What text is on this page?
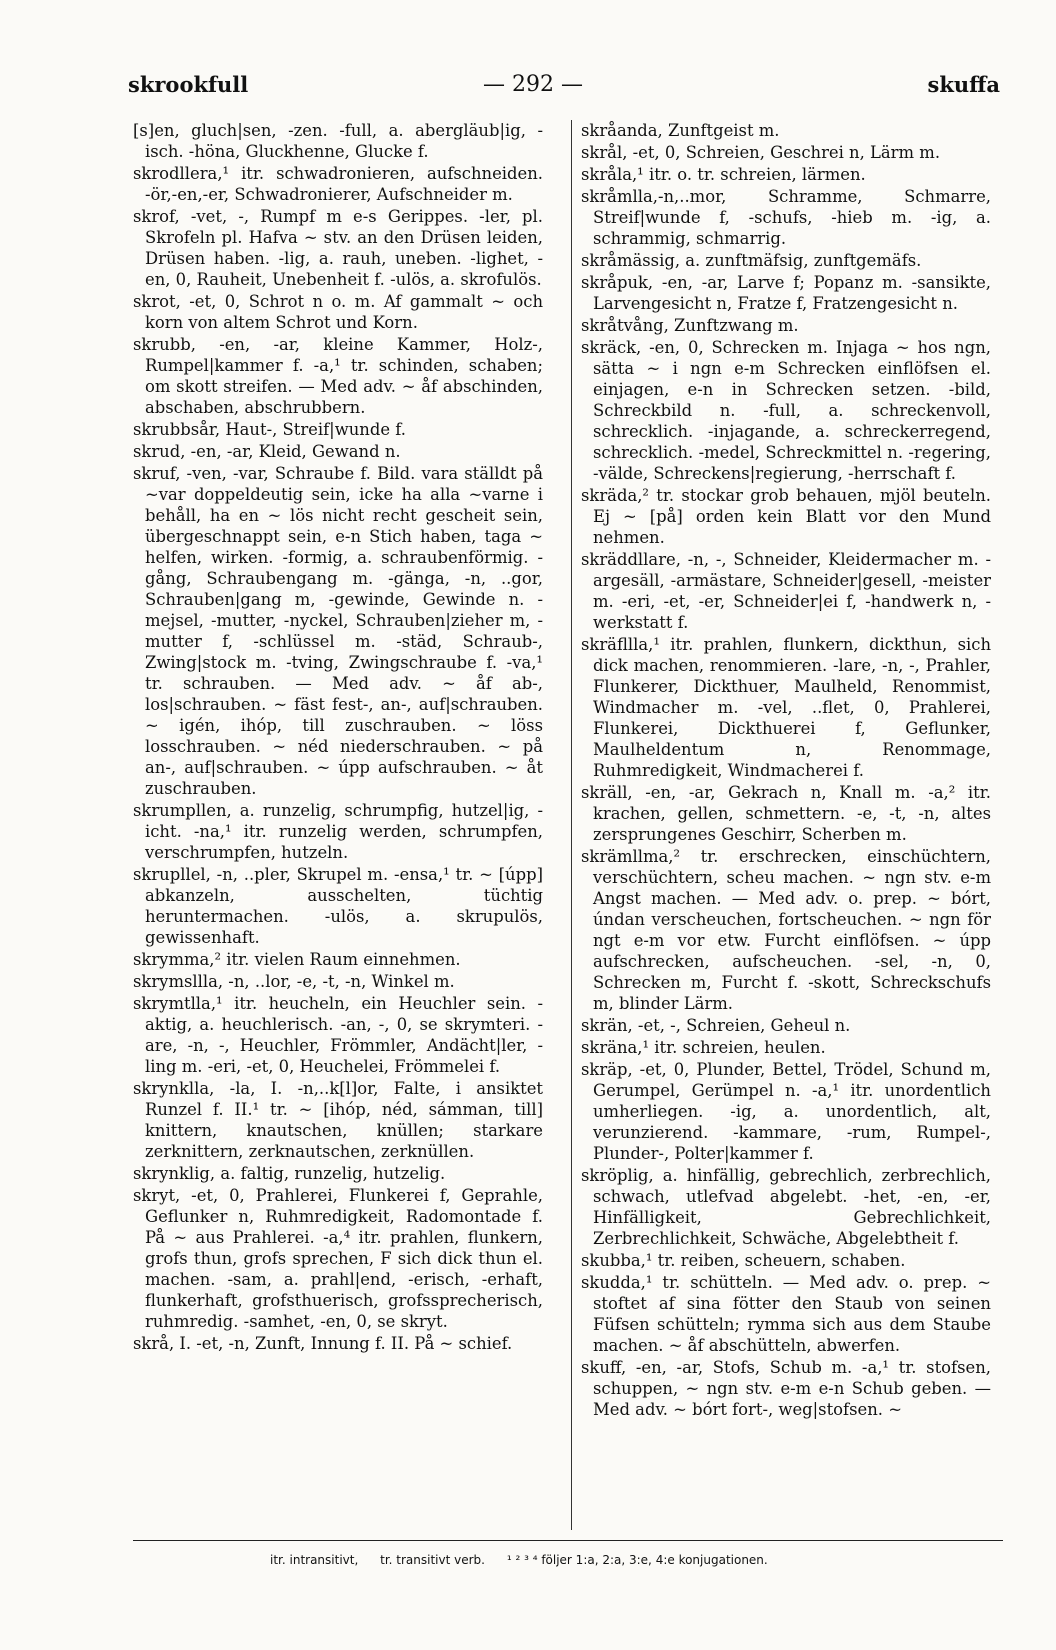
skrookfull	— 292 —	skuffa
[s]en, gluch|sen, -zen. -full, a. abergläub|ig, -isch. -höna, Gluckhenne, Glucke f.
skrodllera,¹ itr. schwadronieren, aufschneiden. -ör,-en,-er, Schwadronierer, Aufschneider m.
skrof, -vet, -, Rumpf m e-s Gerippes. -ler, pl. Skrofeln pl. Hafva ~ stv. an den Drüsen leiden, Drüsen haben. -lig, a. rauh, uneben. -lighet, -en, 0, Rauheit, Unebenheit f. -ulös, a. skrofulös.
skrot, -et, 0, Schrot n o. m. Af gammalt ~ och korn von altem Schrot und Korn.
skrubb, -en, -ar, kleine Kammer, Holz-, Rumpel|kammer f. -a,¹ tr. schinden, schaben; om skott streifen. — Med adv. ~ åf abschinden, abschaben, abschrubbern.
skrubbsår, Haut-, Streif|wunde f.
skrud, -en, -ar, Kleid, Gewand n.
skruf, -ven, -var, Schraube f. Bild. vara ställdt på ~var doppeldeutig sein, icke ha alla ~varne i behåll, ha en ~ lös nicht recht gescheit sein, übergeschnappt sein, e-n Stich haben, taga ~ helfen, wirken. -formig, a. schraubenförmig. -gång, Schraubengang m. -gänga, -n, ..gor, Schrauben|gang m, -gewinde, Gewinde n. -mejsel, -mutter, -nyckel, Schrauben|zieher m, -mutter f, -schlüssel m. -städ, Schraub-, Zwing|stock m. -tving, Zwingschraube f. -va,¹ tr. schrauben. — Med adv. ~ åf ab-, los|schrauben. ~ fäst fest-, an-, auf|schrauben. ~ igén, ihóp, till zuschrauben. ~ löss losschrauben. ~ néd niederschrauben. ~ på an-, auf|schrauben. ~ úpp aufschrauben. ~ åt zuschrauben.
skrumpllen, a. runzelig, schrumpfig, hutzel|ig, -icht. -na,¹ itr. runzelig werden, schrumpfen, verschrumpfen, hutzeln.
skrupllel, -n, ..pler, Skrupel m. -ensa,¹ tr. ~ [úpp] abkanzeln, ausschelten, tüchtig heruntermachen. -ulös, a. skrupulös, gewissenhaft.
skrymma,² itr. vielen Raum einnehmen.
skrymsllla, -n, ..lor, -e, -t, -n, Winkel m.
skrymtlla,¹ itr. heucheln, ein Heuchler sein. -aktig, a. heuchlerisch. -an, -, 0, se skrymteri. -are, -n, -, Heuchler, Frömmler, Andächt|ler, -ling m. -eri, -et, 0, Heuchelei, Frömmelei f.
skrynklla, -la, I. -n,..k[l]or, Falte, i ansiktet Runzel f. II.¹ tr. ~ [ihóp, néd, sámman, till] knittern, knautschen, knüllen; starkare zerknittern, zerknautschen, zerknüllen.
skrynklig, a. faltig, runzelig, hutzelig.
skryt, -et, 0, Prahlerei, Flunkerei f, Geprahle, Geflunker n, Ruhmredigkeit, Radomontade f. På ~ aus Prahlerei. -a,⁴ itr. prahlen, flunkern, grofs thun, grofs sprechen, F sich dick thun el. machen. -sam, a. prahl|end, -erisch, -erhaft, flunkerhaft, grofsthuerisch, grofssprecherisch, ruhmredig. -samhet, -en, 0, se skryt.
skrå, I. -et, -n, Zunft, Innung f. II. På ~ schief.
skråanda, Zunftgeist m.
skrål, -et, 0, Schreien, Geschrei n, Lärm m.
skråla,¹ itr. o. tr. schreien, lärmen.
skråmlla,-n,..mor, Schramme, Schmarre, Streif|wunde f, -schufs, -hieb m. -ig, a. schrammig, schmarrig.
skråmässig, a. zunftmäfsig, zunftgemäfs.
skråpuk, -en, -ar, Larve f; Popanz m. -sansikte, Larvengesicht n, Fratze f, Fratzengesicht n.
skråtvång, Zunftzwang m.
skräck, -en, 0, Schrecken m. Injaga ~ hos ngn, sätta ~ i ngn e-m Schrecken einflöfsen el. einjagen, e-n in Schrecken setzen. -bild, Schreckbild n. -full, a. schreckenvoll, schrecklich. -injagande, a. schreckerregend, schrecklich. -medel, Schreckmittel n. -regering, -välde, Schreckens|regierung, -herrschaft f.
skräda,² tr. stockar grob behauen, mjöl beuteln. Ej ~ [på] orden kein Blatt vor den Mund nehmen.
skräddllare, -n, -, Schneider, Kleidermacher m. -argesäll, -armästare, Schneider|gesell, -meister m. -eri, -et, -er, Schneider|ei f, -handwerk n, -werkstatt f.
skräfllla,¹ itr. prahlen, flunkern, dickthun, sich dick machen, renommieren. -lare, -n, -, Prahler, Flunkerer, Dickthuer, Maulheld, Renommist, Windmacher m. -vel, ..flet, 0, Prahlerei, Flunkerei, Dickthuerei f, Geflunker, Maulheldentum n, Renommage, Ruhmredigkeit, Windmacherei f.
skräll, -en, -ar, Gekrach n, Knall m. -a,² itr. krachen, gellen, schmettern. -e, -t, -n, altes zersprungenes Geschirr, Scherben m.
skrämllma,² tr. erschrecken, einschüchtern, verschüchtern, scheu machen. ~ ngn stv. e-m Angst machen. — Med adv. o. prep. ~ bórt, úndan verscheuchen, fortscheuchen. ~ ngn för ngt e-m vor etw. Furcht einflöfsen. ~ úpp aufschrecken, aufscheuchen. -sel, -n, 0, Schrecken m, Furcht f. -skott, Schreckschufs m, blinder Lärm.
skrän, -et, -, Schreien, Geheul n.
skräna,¹ itr. schreien, heulen.
skräp, -et, 0, Plunder, Bettel, Trödel, Schund m, Gerumpel, Gerümpel n. -a,¹ itr. unordentlich umherliegen. -ig, a. unordentlich, alt, verunzierend. -kammare, -rum, Rumpel-, Plunder-, Polter|kammer f.
skröplig, a. hinfällig, gebrechlich, zerbrechlich, schwach, utlefvad abgelebt. -het, -en, -er, Hinfälligkeit, Gebrechlichkeit, Zerbrechlichkeit, Schwäche, Abgelebtheit f.
skubba,¹ tr. reiben, scheuern, schaben.
skudda,¹ tr. schütteln. — Med adv. o. prep. ~ stoftet af sina fötter den Staub von seinen Füfsen schütteln; rymma sich aus dem Staube machen. ~ åf abschütteln, abwerfen.
skuff, -en, -ar, Stofs, Schub m. -a,¹ tr. stofsen, schuppen, ~ ngn stv. e-m e-n Schub geben. — Med adv. ~ bórt fort-, weg|stofsen. ~
itr. intransitivt, tr. transitivt verb. ¹ ² ³ ⁴ följer 1:a, 2:a, 3:e, 4:e konjugationen.
